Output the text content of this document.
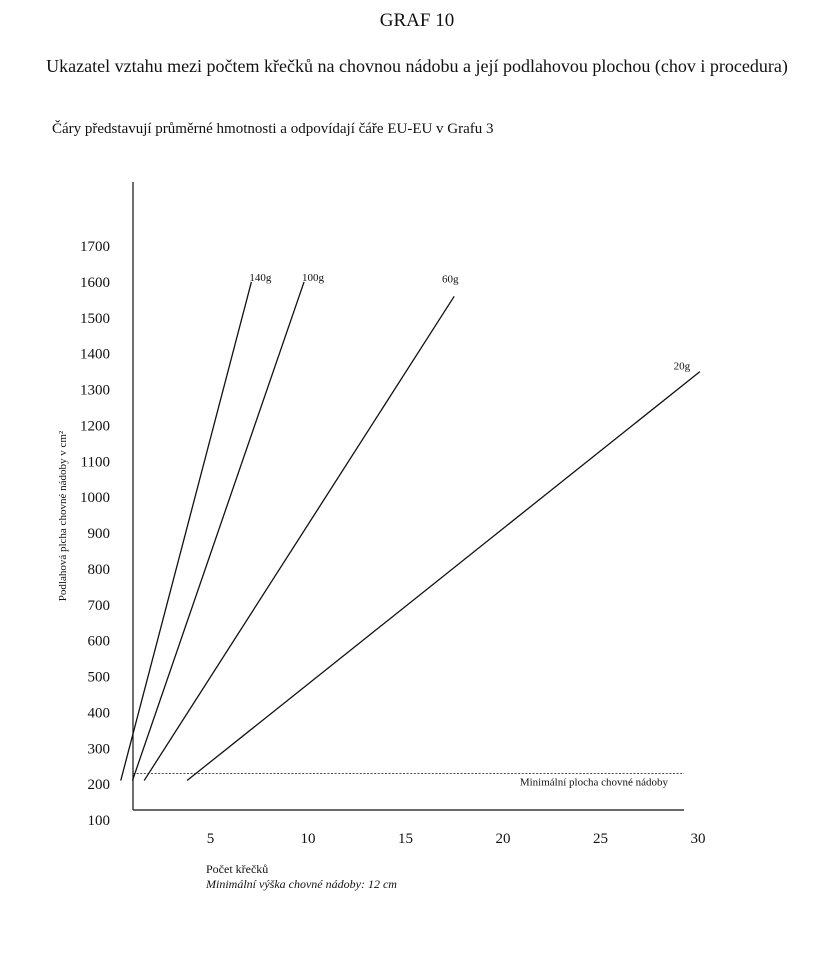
GRAF 10
Ukazatel vztahu mezi počtem křečků na chovnou nádobu a její podlahovou plochou (chov i procedura)
Čáry představují průměrné hmotnosti a odpovídají čáře EU-EU v Grafu 3
100
200
300
400
500
600
700
800
900
1000
1100
1200
1300
1400
1500
1600
1700
5	10	15	20	25	30
Minimální plocha chovné nádoby
140g	100g	60g
20g
Podlahová plcha chovné nádoby v cm²
Počet křečků
Minimální výška chovné nádoby: 12 cm
